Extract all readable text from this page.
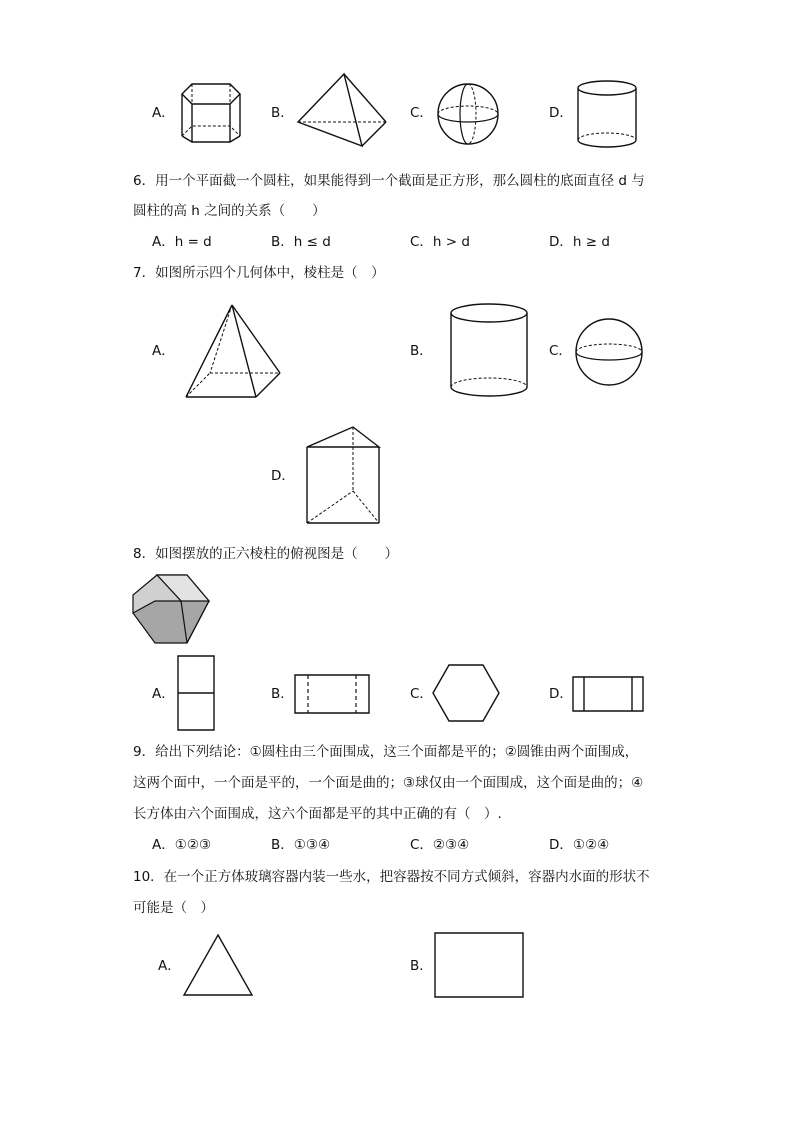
A．	B．	C．	D．
6．用一个平面截一个圆柱，如果能得到一个截面是正方形，那么圆柱的底面直径 d 与
圆柱的高 h 之间的关系（　　）
A．h = d	B．h ≤ d	C．h > d	D．h ≥ d
7．如图所示四个几何体中，棱柱是（　）
A．	B．	C．
D．
8．如图摆放的正六棱柱的俯视图是（　　）
A．	B．	C．	D．
9．给出下列结论：①圆柱由三个面围成，这三个面都是平的；②圆锥由两个面围成，
这两个面中，一个面是平的，一个面是曲的；③球仅由一个面围成，这个面是曲的；④
长方体由六个面围成，这六个面都是平的其中正确的有（　）.
A．①②③	B．①③④	C．②③④	D．①②④
10．在一个正方体玻璃容器内装一些水，把容器按不同方式倾斜，容器内水面的形状不
可能是（　）
A．	B．
